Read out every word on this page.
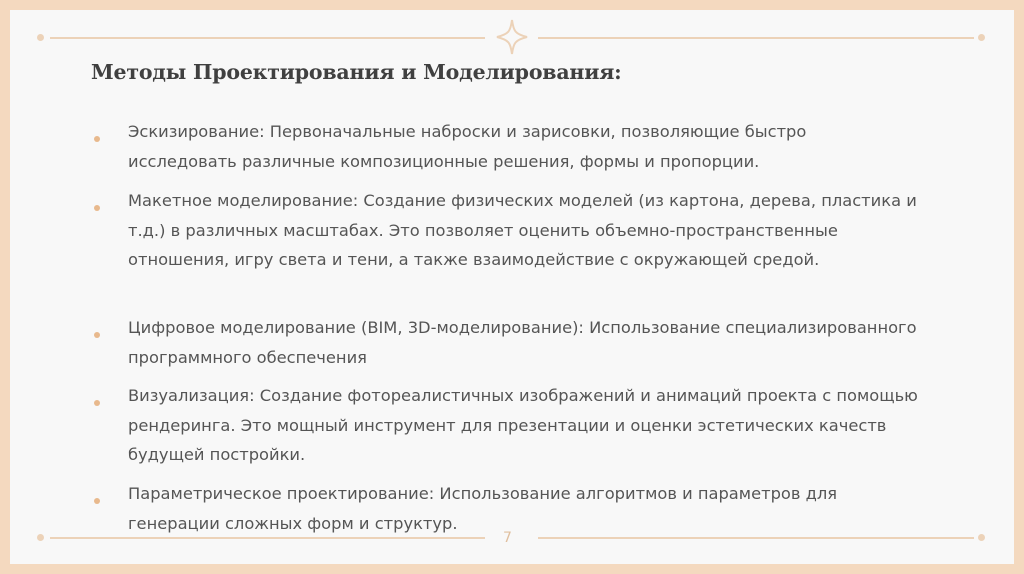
Методы Проектирования и Моделирования:
Эскизирование: Первоначальные наброски и зарисовки, позволяющие быстро исследовать различные композиционные решения, формы и пропорции.
Макетное моделирование: Создание физических моделей (из картона, дерева, пластика и т.д.) в различных масштабах. Это позволяет оценить объемно-пространственные отношения, игру света и тени, а также взаимодействие с окружающей средой.
Цифровое моделирование (BIM, 3D-моделирование): Использование специализированного программного обеспечения
Визуализация: Создание фотореалистичных изображений и анимаций проекта с помощью рендеринга. Это мощный инструмент для презентации и оценки эстетических качеств будущей постройки.
Параметрическое проектирование: Использование алгоритмов и параметров для генерации сложных форм и структур.
7
